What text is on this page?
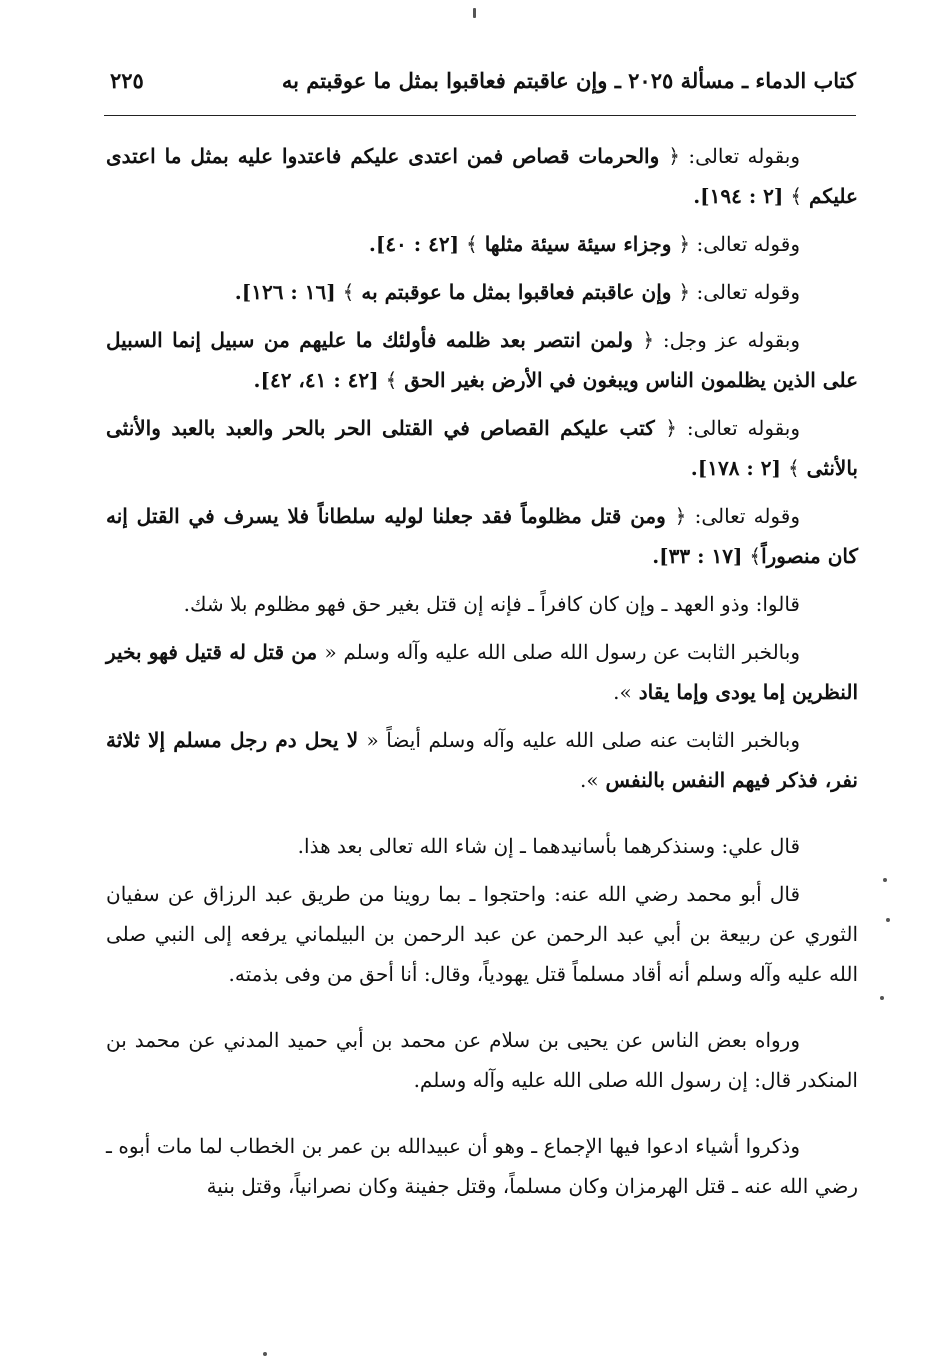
كتاب الدماء ـ مسألة ٢٠٢٥ ـ وإن عاقبتم فعاقبوا بمثل ما عوقبتم به
٢٢٥

وبقوله تعالى: ﴿ والحرمات قصاص فمن اعتدى عليكم فاعتدوا عليه بمثل ما اعتدى عليكم ﴾ [٢ : ١٩٤].

وقوله تعالى: ﴿ وجزاء سيئة سيئة مثلها ﴾ [٤٢ : ٤٠].

وقوله تعالى: ﴿ وإن عاقبتم فعاقبوا بمثل ما عوقبتم به ﴾ [١٦ : ١٢٦].

وبقوله عز وجل: ﴿ ولمن انتصر بعد ظلمه فأولئك ما عليهم من سبيل إنما السبيل على الذين يظلمون الناس ويبغون في الأرض بغير الحق ﴾ [٤٢ : ٤١، ٤٢].

وبقوله تعالى: ﴿ كتب عليكم القصاص في القتلى الحر بالحر والعبد بالعبد والأنثى بالأنثى ﴾ [٢ : ١٧٨].

وقوله تعالى: ﴿ ومن قتل مظلوماً فقد جعلنا لوليه سلطاناً فلا يسرف في القتل إنه كان منصوراً﴾ [١٧ : ٣٣].

قالوا: وذو العهد ـ وإن كان كافراً ـ فإنه إن قتل بغير حق فهو مظلوم بلا شك.

وبالخبر الثابت عن رسول الله صلى الله عليه وآله وسلم « من قتل له قتيل فهو بخير النظرين إما يودى وإما يقاد ».

وبالخبر الثابت عنه صلى الله عليه وآله وسلم أيضاً « لا يحل دم رجل مسلم إلا ثلاثة نفر، فذكر فيهم النفس بالنفس ».

قال علي: وسنذكرهما بأسانيدهما ـ إن شاء الله تعالى بعد هذا.

قال أبو محمد رضي الله عنه: واحتجوا ـ بما روينا من طريق عبد الرزاق عن سفيان الثوري عن ربيعة بن أبي عبد الرحمن عن عبد الرحمن بن البيلماني يرفعه إلى النبي صلى الله عليه وآله وسلم أنه أقاد مسلماً قتل يهودياً، وقال: أنا أحق من وفى بذمته.

ورواه بعض الناس عن يحيى بن سلام عن محمد بن أبي حميد المدني عن محمد بن المنكدر قال: إن رسول الله صلى الله عليه وآله وسلم.

وذكروا أشياء ادعوا فيها الإجماع ـ وهو أن عبيدالله بن عمر بن الخطاب لما مات أبوه ـ رضي الله عنه ـ قتل الهرمزان وكان مسلماً، وقتل جفينة وكان نصرانياً، وقتل بنية
